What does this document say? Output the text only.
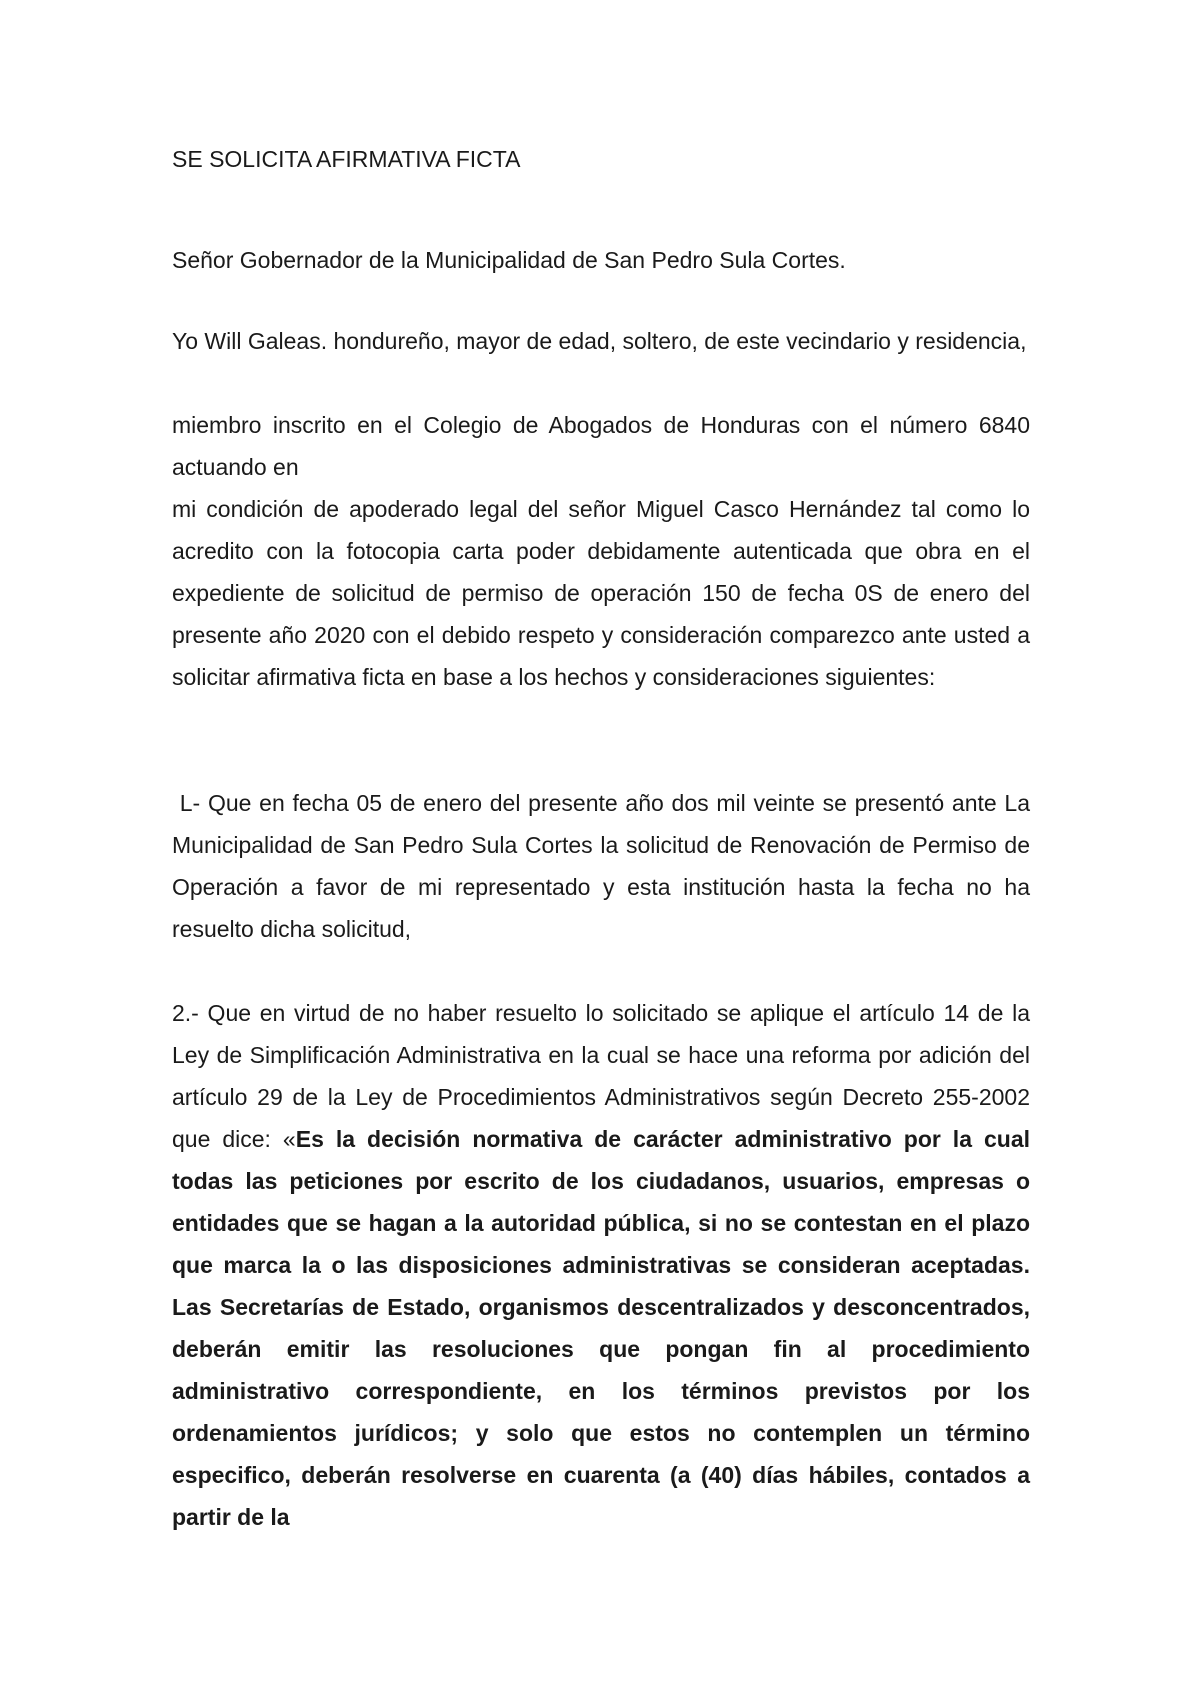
SE SOLICITA AFIRMATIVA FICTA
Señor Gobernador de la Municipalidad de San Pedro Sula Cortes.

Yo Will Galeas. hondureño, mayor de edad, soltero, de este vecindario y residencia,

miembro inscrito en el Colegio de Abogados de Honduras con el número 6840 actuando en

mi condición de apoderado legal del señor Miguel Casco Hernández tal como lo acredito con la fotocopia carta poder debidamente autenticada que obra en el expediente de solicitud de permiso de operación 150 de fecha 0S de enero del presente año 2020 con el debido respeto y consideración comparezco ante usted a solicitar afirmativa ficta en base a los hechos y consideraciones siguientes:

L- Que en fecha 05 de enero del presente año dos mil veinte se presentó ante La Municipalidad de San Pedro Sula Cortes la solicitud de Renovación de Permiso de Operación a favor de mi representado y esta institución hasta la fecha no ha resuelto dicha solicitud,

2.- Que en virtud de no haber resuelto lo solicitado se aplique el artículo 14 de la Ley de Simplificación Administrativa en la cual se hace una reforma por adición del artículo 29 de la Ley de Procedimientos Administrativos según Decreto 255-2002 que dice: «Es la decisión normativa de carácter administrativo por la cual todas las peticiones por escrito de los ciudadanos, usuarios, empresas o entidades que se hagan a la autoridad pública, si no se contestan en el plazo que marca la o las disposiciones administrativas se consideran aceptadas. Las Secretarías de Estado, organismos descentralizados y desconcentrados, deberán emitir las resoluciones que pongan fin al procedimiento administrativo correspondiente, en los términos previstos por los ordenamientos jurídicos; y solo que estos no contemplen un término especifico, deberán resolverse en cuarenta (a (40) días hábiles, contados a partir de la
